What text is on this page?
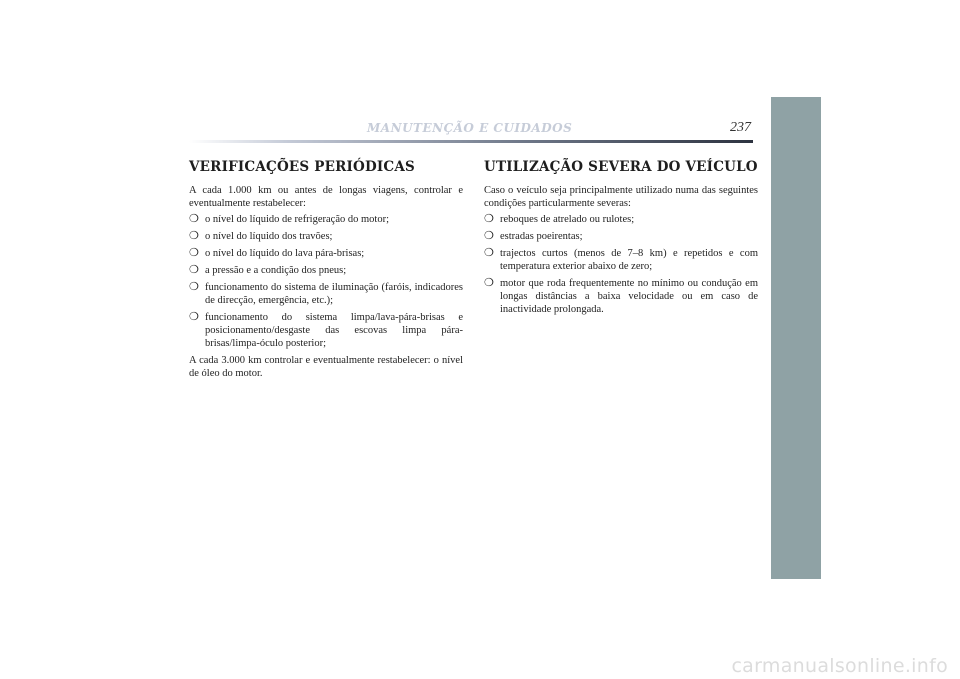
MANUTENÇÃO E CUIDADOS	237
VERIFICAÇÕES PERIÓDICAS

A cada 1.000 km ou antes de longas viagens, controlar e eventualmente restabelecer:

❍ o nível do líquido de refrigeração do motor;
❍ o nível do líquido dos travões;
❍ o nível do líquido do lava pára-brisas;
❍ a pressão e a condição dos pneus;
❍ funcionamento do sistema de iluminação (faróis, indicadores de direcção, emergência, etc.);
❍ funcionamento do sistema limpa/lava-pára-brisas e posicionamento/desgaste das escovas limpa pára-brisas/limpa-óculo posterior;

A cada 3.000 km controlar e eventualmente restabelecer: o nível de óleo do motor.

UTILIZAÇÃO SEVERA DO VEÍCULO

Caso o veículo seja principalmente utilizado numa das seguintes condições particularmente severas:

❍ reboques de atrelado ou rulotes;
❍ estradas poeirentas;
❍ trajectos curtos (menos de 7–8 km) e repetidos e com temperatura exterior abaixo de zero;
❍ motor que roda frequentemente no mínimo ou condução em longas distâncias a baixa velocidade ou em caso de inactividade prolongada.
carmanualsonline.info
